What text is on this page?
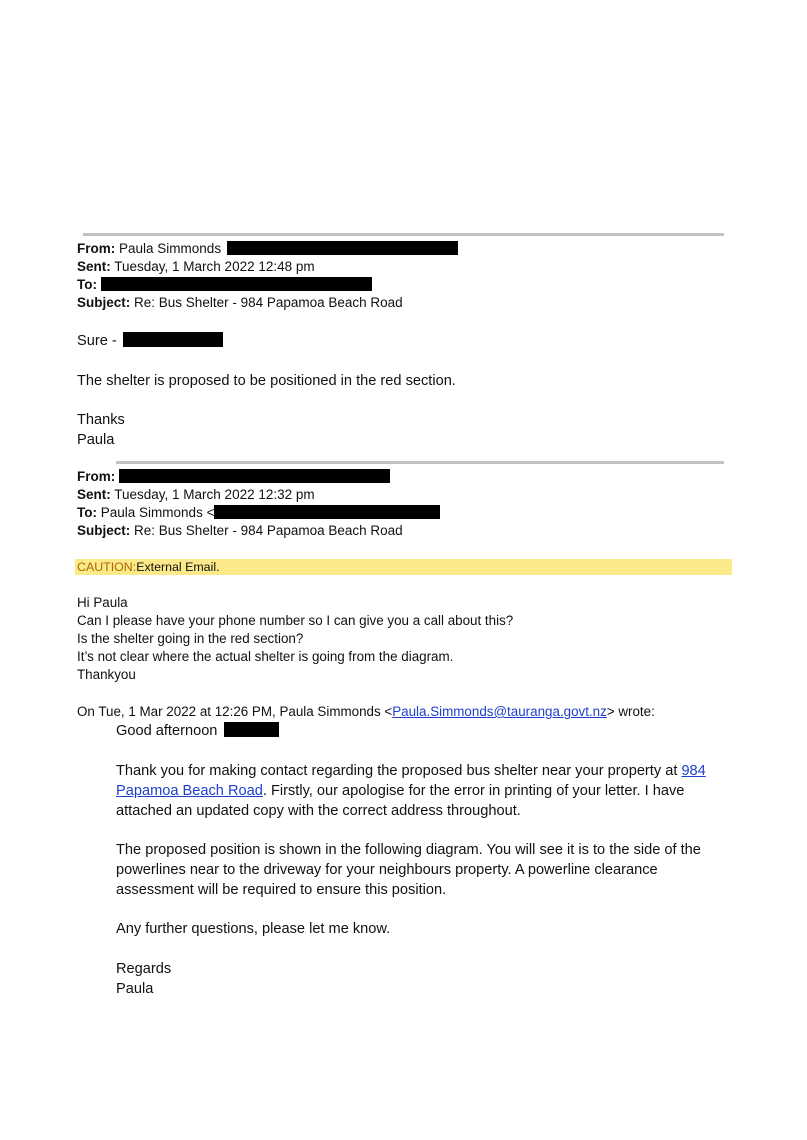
From: Paula Simmonds
Sent: Tuesday, 1 March 2022 12:48 pm
To:
Subject: Re: Bus Shelter - 984 Papamoa Beach Road
Sure -
The shelter is proposed to be positioned in the red section.
Thanks
Paula
From:
Sent: Tuesday, 1 March 2022 12:32 pm
To: Paula Simmonds <
Subject: Re: Bus Shelter - 984 Papamoa Beach Road
CAUTION:External Email.
Hi Paula
Can I please have your phone number so I can give you a call about this?
Is the shelter going in the red section?
It’s not clear where the actual shelter is going from the diagram.
Thankyou
On Tue, 1 Mar 2022 at 12:26 PM, Paula Simmonds <Paula.Simmonds@tauranga.govt.nz> wrote:
Good afternoon
Thank you for making contact regarding the proposed bus shelter near your property at 984 Papamoa Beach Road. Firstly, our apologise for the error in printing of your letter. I have attached an updated copy with the correct address throughout.
The proposed position is shown in the following diagram. You will see it is to the side of the powerlines near to the driveway for your neighbours property. A powerline clearance assessment will be required to ensure this position.
Any further questions, please let me know.
Regards
Paula
